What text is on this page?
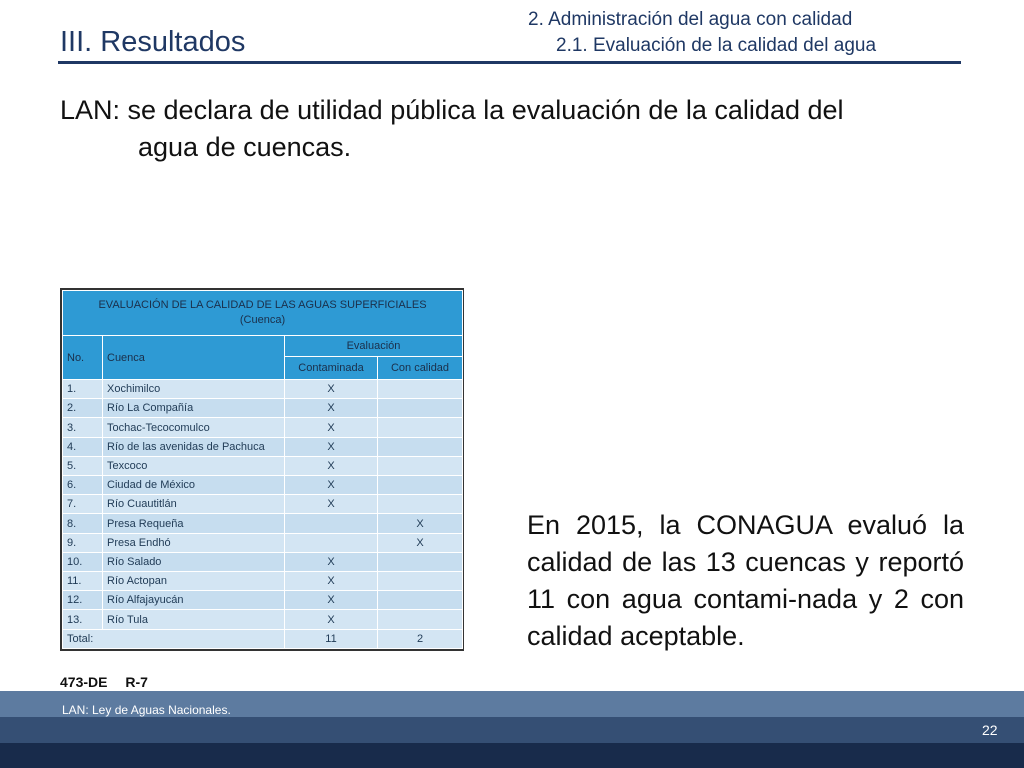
III. Resultados
2. Administración del agua con calidad
2.1. Evaluación de la calidad del agua
LAN: se declara de utilidad pública la evaluación de la calidad del
agua de cuencas.
EVALUACIÓN DE LA CALIDAD DE LAS AGUAS SUPERFICIALES
(Cuenca)			

No.	Cuenca	Evaluación	
		Contaminada	Con calidad
1.	Xochimilco	X	
2.	Río La Compañía	X	
3.	Tochac-Tecocomulco	X	
4.	Río de las avenidas de Pachuca	X	
5.	Texcoco	X	
6.	Ciudad de México	X	
7.	Río Cuautitlán	X	
8.	Presa Requeña		X
9.	Presa Endhó		X
10.	Río Salado	X	
11.	Río Actopan	X	
12.	Río Alfajayucán	X	
13.	Río Tula	X	
Total:		11	2
473-DE R-7
En 2015, la CONAGUA evaluó la calidad de las 13 cuencas y reportó 11 con agua contami-nada y 2 con calidad aceptable.
LAN: Ley de Aguas Nacionales.
22
